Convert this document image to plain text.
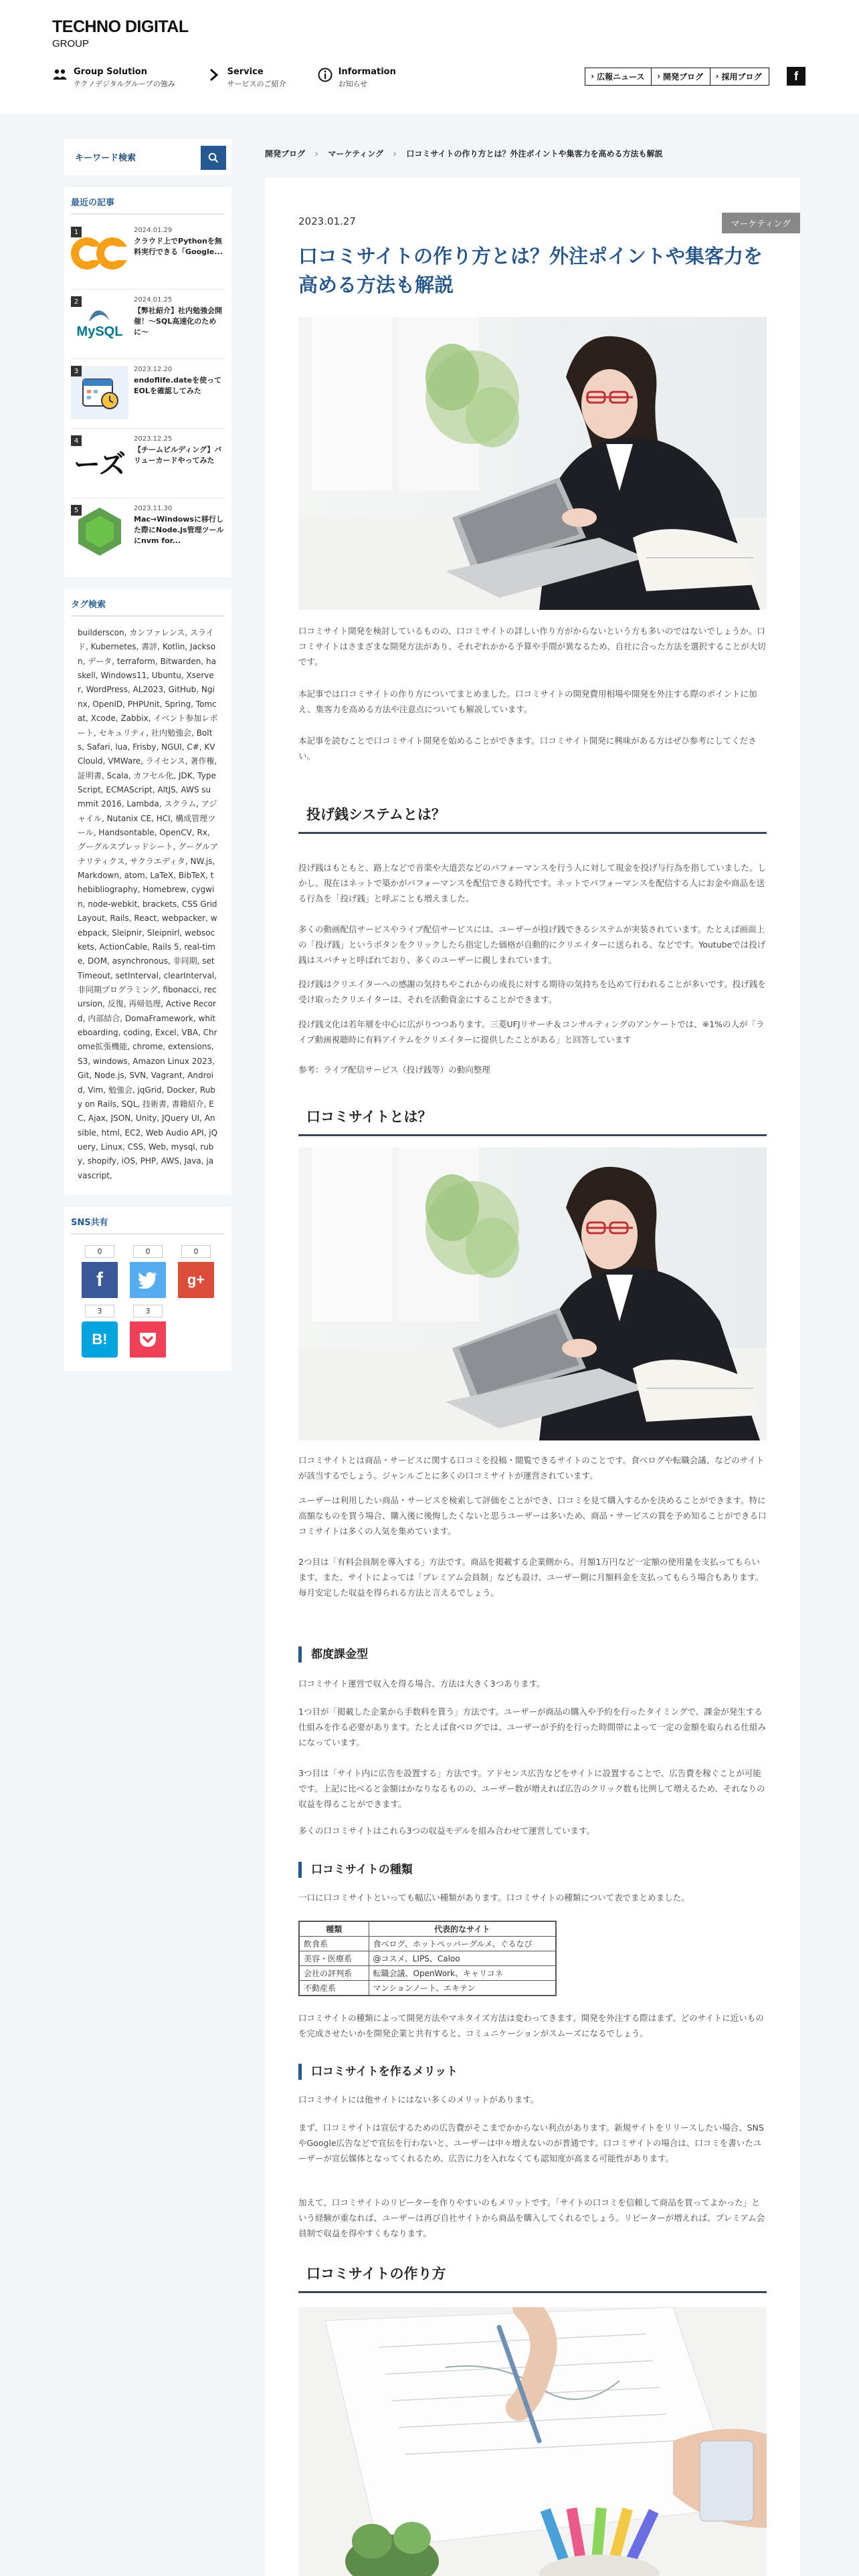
TECHNO DIGITAL
GROUP
Group Solution
テクノデジタルグループの強み
Service
サービスのご紹介
Information
お知らせ
› 広報ニュース › 開発ブログ › 採用ブログ	f
キーワード検索
最近の記事
1	2024.01.29
クラウド上でPythonを無料実行できる「Google...
2
MySQL
2024.01.25
【弊社紹介】社内勉強会開催！〜SQL高速化のために〜
3	2023.12.20
endoflife.dateを使ってEOLを確認してみた
4
ーズ
2023.12.25
【チームビルディング】バリューカードやってみた
5	2023.11.30
Mac→Windowsに移行した際にNode.js管理ツールにnvm for...
タグ検索
builderscon, カンファレンス, スライド, Kubernetes, 書評, Kotlin, Jackson, データ, terraform, Bitwarden, haskell, Windows11, Ubuntu, Xserver, WordPress, AL2023, GitHub, Nginx, OpenID, PHPUnit, Spring, Tomcat, Xcode, Zabbix, イベント参加レポート, セキュリティ, 社内勉強会, Bolts, Safari, lua, Frisby, NGUI, C#, KVClould, VMWare, ライセンス, 著作権, 証明書, Scala, カフセル化, JDK, TypeScript, ECMAScript, AltJS, AWS summit 2016, Lambda, スクラム, アジャイル, Nutanix CE, HCI, 構成管理ツール, Handsontable, OpenCV, Rx, グーグルスプレッドシート, グーグルアナリティクス, サクラエディタ, NW.js, Markdown, atom, LaTeX, BibTeX, thebibliography, Homebrew, cygwin, node-webkit, brackets, CSS Grid Layout, Rails, React, webpacker, webpack, Sleipnir, Sleipnirl, websockets, ActionCable, Rails 5, real-time, DOM, asynchronous, 非同期, setTimeout, setInterval, clearInterval, 非同期プログラミング, fibonacci, recursion, 反復, 再帰処理, Active Record, 内部結合, DomaFramework, whiteboarding, coding, Excel, VBA, Chrome拡張機能, chrome, extensions, S3, windows, Amazon Linux 2023, Git, Node.js, SVN, Vagrant, Android, Vim, 勉強会, jqGrid, Docker, Ruby on Rails, SQL, 技術書, 書籍紹介, EC, Ajax, JSON, Unity, JQuery UI, Ansible, html, EC2, Web Audio API, jQuery, Linux, CSS, Web, mysql, ruby, shopify, iOS, PHP, AWS, Java, javascript,
SNS共有
0
f
0	0
g+
3
B!
3
開発ブログ › マーケティング › 口コミサイトの作り方とは？外注ポイントや集客力を高める方法も解説
2023.01.27	マーケティング
口コミサイトの作り方とは？外注ポイントや集客力を高める方法も解説

口コミサイト開発を検討しているものの、口コミサイトの詳しい作り方がからないという方も多いのではないでしょうか。口コミサイトはさまざまな開発方法があり、それぞれかかる予算や手間が異なるため、自社に合った方法を選択することが大切です。

本記事では口コミサイトの作り方についてまとめました。口コミサイトの開発費用相場や開発を外注する際のポイントに加え、集客力を高める方法や注意点についても解説しています。

本記事を読むことで口コミサイト開発を始めることができます。口コミサイト開発に興味がある方はぜひ参考にしてください。

投げ銭システムとは？

投げ銭はもともと、路上などで音楽や大道芸などのパフォーマンスを行う人に対して現金を投げ与行為を指していました。しかし、現在はネットで築かがパフォーマンスを配信できる時代です。ネットでパフォーマンスを配信する人にお金や商品を送る行為を「投げ銭」と呼ぶことも増えました。

多くの動画配信サービスやライブ配信サービスには、ユーザーが投げ銭できるシステムが実装されています。たとえば画面上の「投げ銭」というボタンをクリックしたら指定した価格が自動的にクリエイターに送られる、などです。Youtubeでは投げ銭はスパチャと呼ばれており、多くのユーザーに親しまれています。

投げ銭はクリエイターへの感謝の気持ちやこれからの成長に対する期待の気持ちを込めて行われることが多いです。投げ銭を受け取ったクリエイターは、それを活動資金にすることができます。

投げ銭文化は若年層を中心に広がりつつあります。三菱UFJリサーチ＆コンサルティングのアンケートでは、※1%の人が「ライブ動画視聴時に有料アイテムをクリエイターに提供したことがある」と回答しています

参考：ライブ配信サービス（投げ銭等）の動向整理

口コミサイトとは？

口コミサイトとは商品・サービスに関する口コミを投稿・閲覧できるサイトのことです。食べログや転職会議、などのサイトが該当するでしょう。ジャンルごとに多くの口コミサイトが運営されています。

ユーザーは利用したい商品・サービスを検索して評価をことができ、口コミを見て購入するかを決めることができます。特に高額なものを買う場合、購入後に後悔したくないと思うユーザーは多いため、商品・サービスの質を予め知ることができる口コミサイトは多くの人気を集めています。

2つ目は「有料会員制を導入する」方法です。商品を掲載する企業側から、月額1万円など一定額の使用量を支払ってもらいます。また、サイトによっては「プレミアム会員制」なども設け、ユーザー側に月額料金を支払ってもらう場合もあります。毎月安定した収益を得られる方法と言えるでしょう。

都度課金型

口コミサイト運営で収入を得る場合、方法は大きく3つあります。

1つ目が「掲載した企業から手数料を貰う」方法です。ユーザーが商品の購入や予約を行ったタイミングで、課金が発生する仕組みを作る必要があります。たとえば食べログでは、ユーザーが予約を行った時間帯によって一定の金額を取られる仕組みになっています。

3つ目は「サイト内に広告を設置する」方法です。アドセンス広告などをサイトに設置することで、広告費を稼ぐことが可能です。上記に比べると金額はかなりなるものの、ユーザー数が増えれば広告のクリック数も比例して増えるため、それなりの収益を得ることができます。

多くの口コミサイトはこれら3つの収益モデルを組み合わせて運営しています。

口コミサイトの種類

一口に口コミサイトといっても幅広い種類があります。口コミサイトの種類について表でまとめました。

種類	代表的なサイト
飲食系	食べログ、ホットペッパーグルメ、ぐるなび
美容・医療系	@コスメ、LIPS、Caloo
会社の評判系	転職会議、OpenWork、キャリコネ
不動産系	マンションノート、エキテン

口コミサイトの種類によって開発方法やマネタイズ方法は変わってきます。開発を外注する際はまず、どのサイトに近いものを完成させたいかを開発企業と共有すると、コミュニケーションがスムーズになるでしょう。

口コミサイトを作るメリット

口コミサイトには他サイトにはない多くのメリットがあります。

まず、口コミサイトは宣伝するための広告費がそこまでかからない利点があります。新規サイトをリリースしたい場合、SNSやGoogle広告などで宣伝を行わないと、ユーザーは中々増えないのが普通です。口コミサイトの場合は、口コミを書いたユーザーが宣伝媒体となってくれるため、広告に力を入れなくても認知度が高まる可能性があります。

加えて、口コミサイトのリピーターを作りやすいのもメリットです。「サイトの口コミを信頼して商品を買ってよかった」という経験が重なれば、ユーザーは再び自社サイトから商品を購入してくれるでしょう。リピーターが増えれば、プレミアム会員制で収益を得やすくもなります。

口コミサイトの作り方
